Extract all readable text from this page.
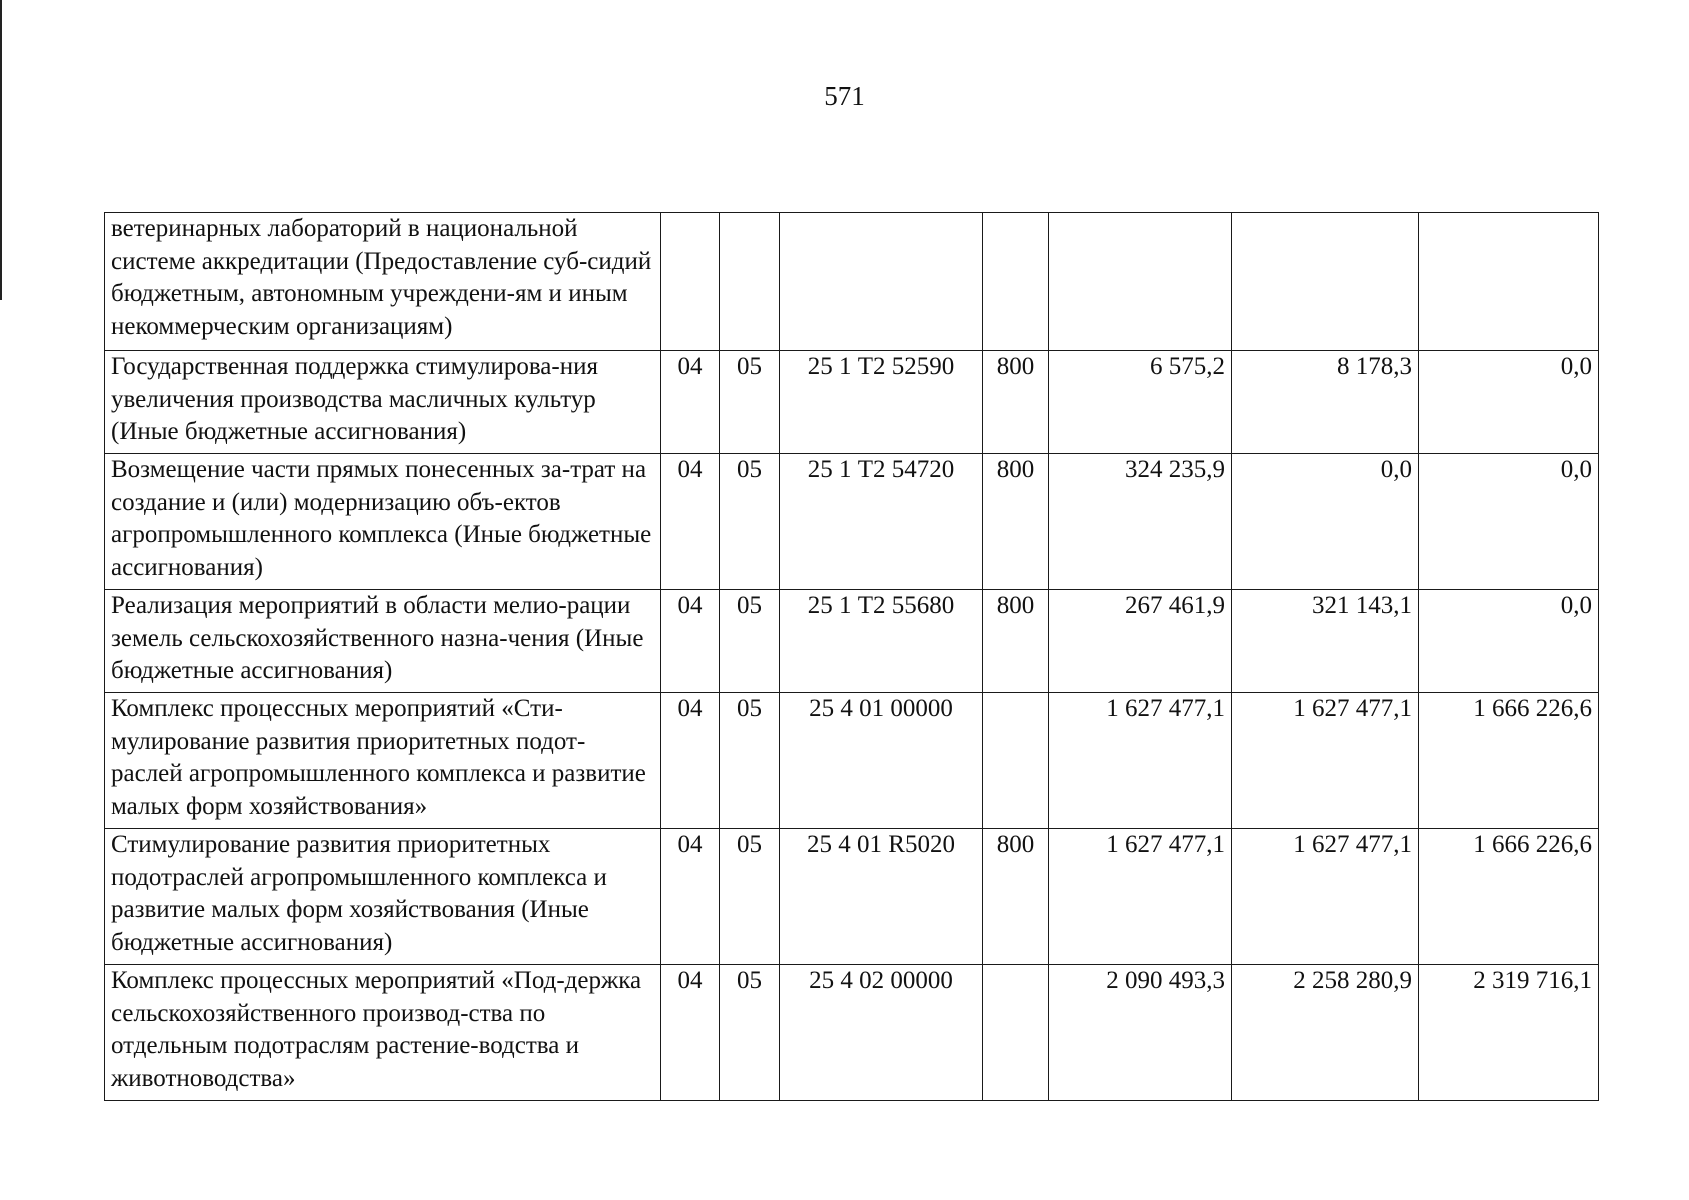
571
ветеринарных лабораторий в национальной системе аккредитации (Предоставление суб-сидий бюджетным, автономным учреждени-ям и иным некоммерческим организациям)							
Государственная поддержка стимулирова-ния увеличения производства масличных культур (Иные бюджетные ассигнования)	04	05	25 1 Т2 52590	800	6 575,2	8 178,3	0,0
Возмещение части прямых понесенных за-трат на создание и (или) модернизацию объ-ектов агропромышленного комплекса (Иные бюджетные ассигнования)	04	05	25 1 Т2 54720	800	324 235,9	0,0	0,0
Реализация мероприятий в области мелио-рации земель сельскохозяйственного назна-чения (Иные бюджетные ассигнования)	04	05	25 1 Т2 55680	800	267 461,9	321 143,1	0,0
Комплекс процессных мероприятий «Сти-мулирование развития приоритетных подот-раслей агропромышленного комплекса и развитие малых форм хозяйствования»	04	05	25 4 01 00000		1 627 477,1	1 627 477,1	1 666 226,6
Стимулирование развития приоритетных подотраслей агропромышленного комплекса и развитие малых форм хозяйствования (Иные бюджетные ассигнования)	04	05	25 4 01 R5020	800	1 627 477,1	1 627 477,1	1 666 226,6
Комплекс процессных мероприятий «Под-держка сельскохозяйственного производ-ства по отдельным подотраслям растение-водства и животноводства»	04	05	25 4 02 00000		2 090 493,3	2 258 280,9	2 319 716,1
